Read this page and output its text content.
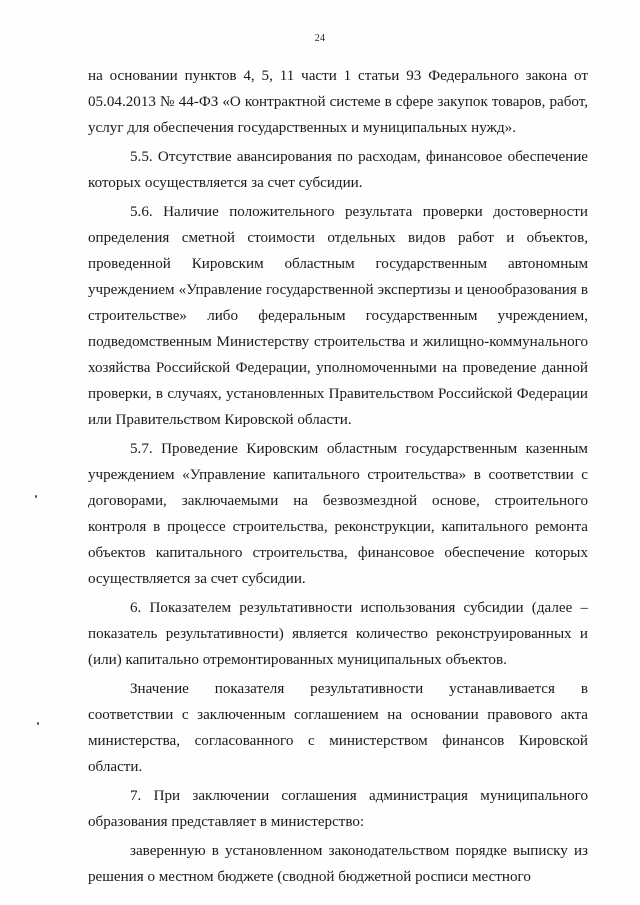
24

на основании пунктов 4, 5, 11 части 1 статьи 93 Федерального закона от 05.04.2013 № 44-ФЗ «О контрактной системе в сфере закупок товаров, работ, услуг для обеспечения государственных и муниципальных нужд».

5.5. Отсутствие авансирования по расходам, финансовое обеспечение которых осуществляется за счет субсидии.

5.6. Наличие положительного результата проверки достоверности определения сметной стоимости отдельных видов работ и объектов, проведенной Кировским областным государственным автономным учреждением «Управление государственной экспертизы и ценообразования в строительстве» либо федеральным государственным учреждением, подведомственным Министерству строительства и жилищно-коммунального хозяйства Российской Федерации, уполномоченными на проведение данной проверки, в случаях, установленных Правительством Российской Федерации или Правительством Кировской области.

5.7. Проведение Кировским областным государственным казенным учреждением «Управление капитального строительства» в соответствии с договорами, заключаемыми на безвозмездной основе, строительного контроля в процессе строительства, реконструкции, капитального ремонта объектов капитального строительства, финансовое обеспечение которых осуществляется за счет субсидии.

6. Показателем результативности использования субсидии (далее – показатель результативности) является количество реконструированных и (или) капитально отремонтированных муниципальных объектов.

Значение показателя результативности устанавливается в соответствии с заключенным соглашением на основании правового акта министерства, согласованного с министерством финансов Кировской области.

7. При заключении соглашения администрация муниципального образования представляет в министерство:

заверенную в установленном законодательством порядке выписку из решения о местном бюджете (сводной бюджетной росписи местного
